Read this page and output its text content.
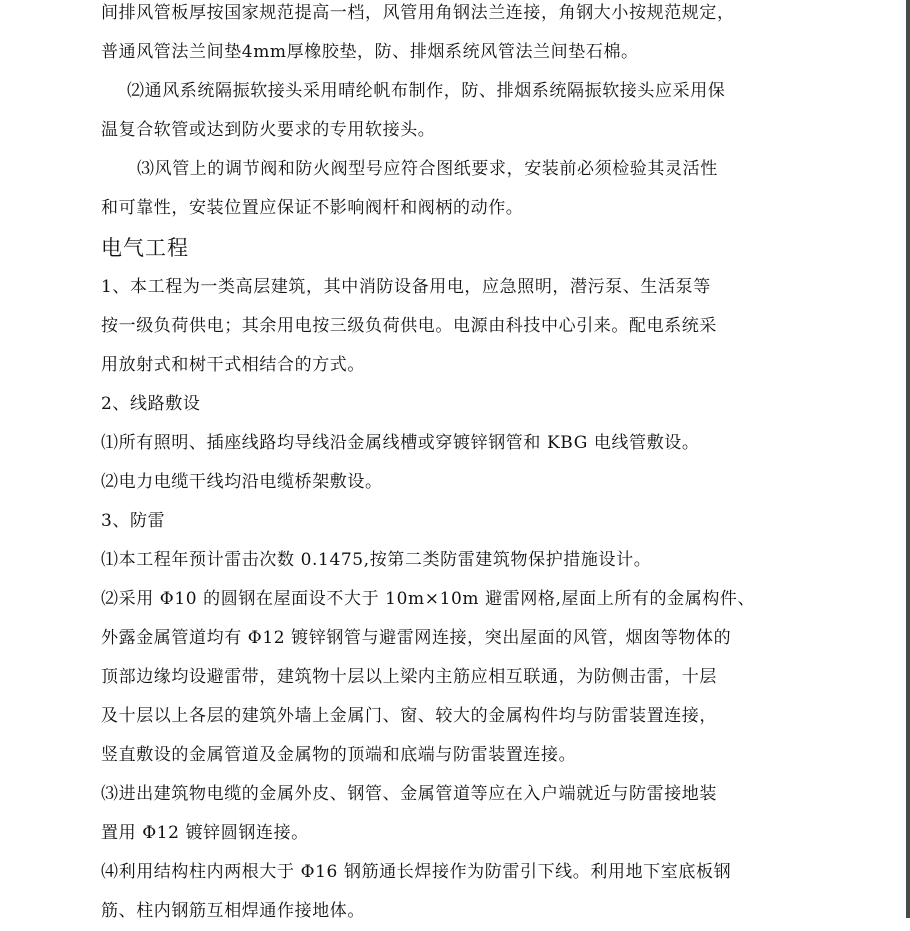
间排风管板厚按国家规范提高一档，风管用角钢法兰连接，角钢大小按规范规定，
普通风管法兰间垫4mm厚橡胶垫，防、排烟系统风管法兰间垫石棉。
⑵通风系统隔振软接头采用晴纶帆布制作，防、排烟系统隔振软接头应采用保
温复合软管或达到防火要求的专用软接头。
⑶风管上的调节阀和防火阀型号应符合图纸要求，安装前必须检验其灵活性
和可靠性，安装位置应保证不影响阀杆和阀柄的动作。
电气工程
1、本工程为一类高层建筑，其中消防设备用电，应急照明，潜污泵、生活泵等
按一级负荷供电；其余用电按三级负荷供电。电源由科技中心引来。配电系统采
用放射式和树干式相结合的方式。
2、线路敷设
⑴所有照明、插座线路均导线沿金属线槽或穿镀锌钢管和 KBG 电线管敷设。
⑵电力电缆干线均沿电缆桥架敷设。
3、防雷
⑴本工程年预计雷击次数 0.1475,按第二类防雷建筑物保护措施设计。
⑵采用 Φ10 的圆钢在屋面设不大于 10m×10m 避雷网格,屋面上所有的金属构件、
外露金属管道均有 Φ12 镀锌钢管与避雷网连接，突出屋面的风管，烟囱等物体的
顶部边缘均设避雷带，建筑物十层以上梁内主筋应相互联通，为防侧击雷，十层
及十层以上各层的建筑外墙上金属门、窗、较大的金属构件均与防雷装置连接，
竖直敷设的金属管道及金属物的顶端和底端与防雷装置连接。
⑶进出建筑物电缆的金属外皮、钢管、金属管道等应在入户端就近与防雷接地装
置用 Φ12 镀锌圆钢连接。
⑷利用结构柱内两根大于 Φ16 钢筋通长焊接作为防雷引下线。利用地下室底板钢
筋、柱内钢筋互相焊通作接地体。
